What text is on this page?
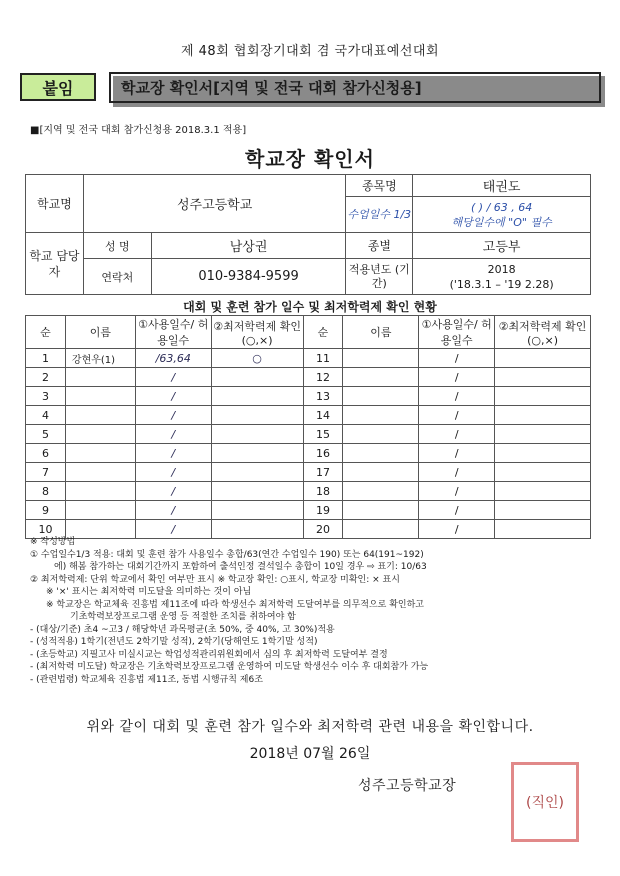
제 48회 협회장기대회 겸 국가대표예선대회
붙임	학교장 확인서[지역 및 전국 대회 참가신청용]
■[지역 및 전국 대회 참가신청용 2018.3.1 적용]
학교장 확인서
학교명	성주고등학교		종목명	태권도
			수업일수 1/3	( ) / 63 , 64
해당일수에 "O" 필수

학교 담당자	성 명	남상권	종별	고등부
	연락처	010-9384-9599	적용년도 (기간)	2018
('18.3.1 – '19 2.28)
대회 및 훈련 참가 일수 및 최저학력제 확인 현황
순	이름	①사용일수/ 허용일수	②최저학력제 확인(○,×)	순	이름	①사용일수/ 허용일수	②최저학력제 확인(○,×)
1	강현우(1)	/63,64	○	11		/	
2		/		12		/	
3		/		13		/	
4		/		14		/	
5		/		15		/	
6		/		16		/	
7		/		17		/	
8		/		18		/	
9		/		19		/	
10		/		20		/	
※ 작성방법
① 수업일수1/3 적용: 대회 및 훈련 참가 사용일수 총합/63(연간 수업일수 190) 또는 64(191~192)
에) 해봄 참가하는 대회기간까지 포함하여 출석인정 결석일수 총합이 10일 경우 ⇨ 표기: 10/63
② 최저학력제: 단위 학교에서 확인 여부만 표시 ※ 학교장 확인: ○표시, 학교장 미확인: × 표시
※ '×' 표시는 최저학력 미도달을 의미하는 것이 아님
※ 학교장은 학교체육 진흥법 제11조에 따라 학생선수 최저학력 도달여부를 의무적으로 확인하고
기초학력보장프로그램 운영 등 적절한 조치를 취하여야 함
- (대상/기준) 초4 ~고3 / 해당학년 과목평균(초 50%, 중 40%, 고 30%)적용
- (성적적용) 1학기(전년도 2학기말 성적), 2학기(당해연도 1학기말 성적)
- (초등학교) 지필고사 미실시교는 학업성적관리위원회에서 심의 후 최저학력 도달여부 결정
- (최저학력 미도달) 학교장은 기초학력보장프로그램 운영하여 미도달 학생선수 이수 후 대회참가 가능
- (관련법령) 학교체육 진흥법 제11조, 동법 시행규칙 제6조
위와 같이 대회 및 훈련 참가 일수와 최저학력 관련 내용을 확인합니다.
2018년 07월 26일
성주고등학교장
(직인)
